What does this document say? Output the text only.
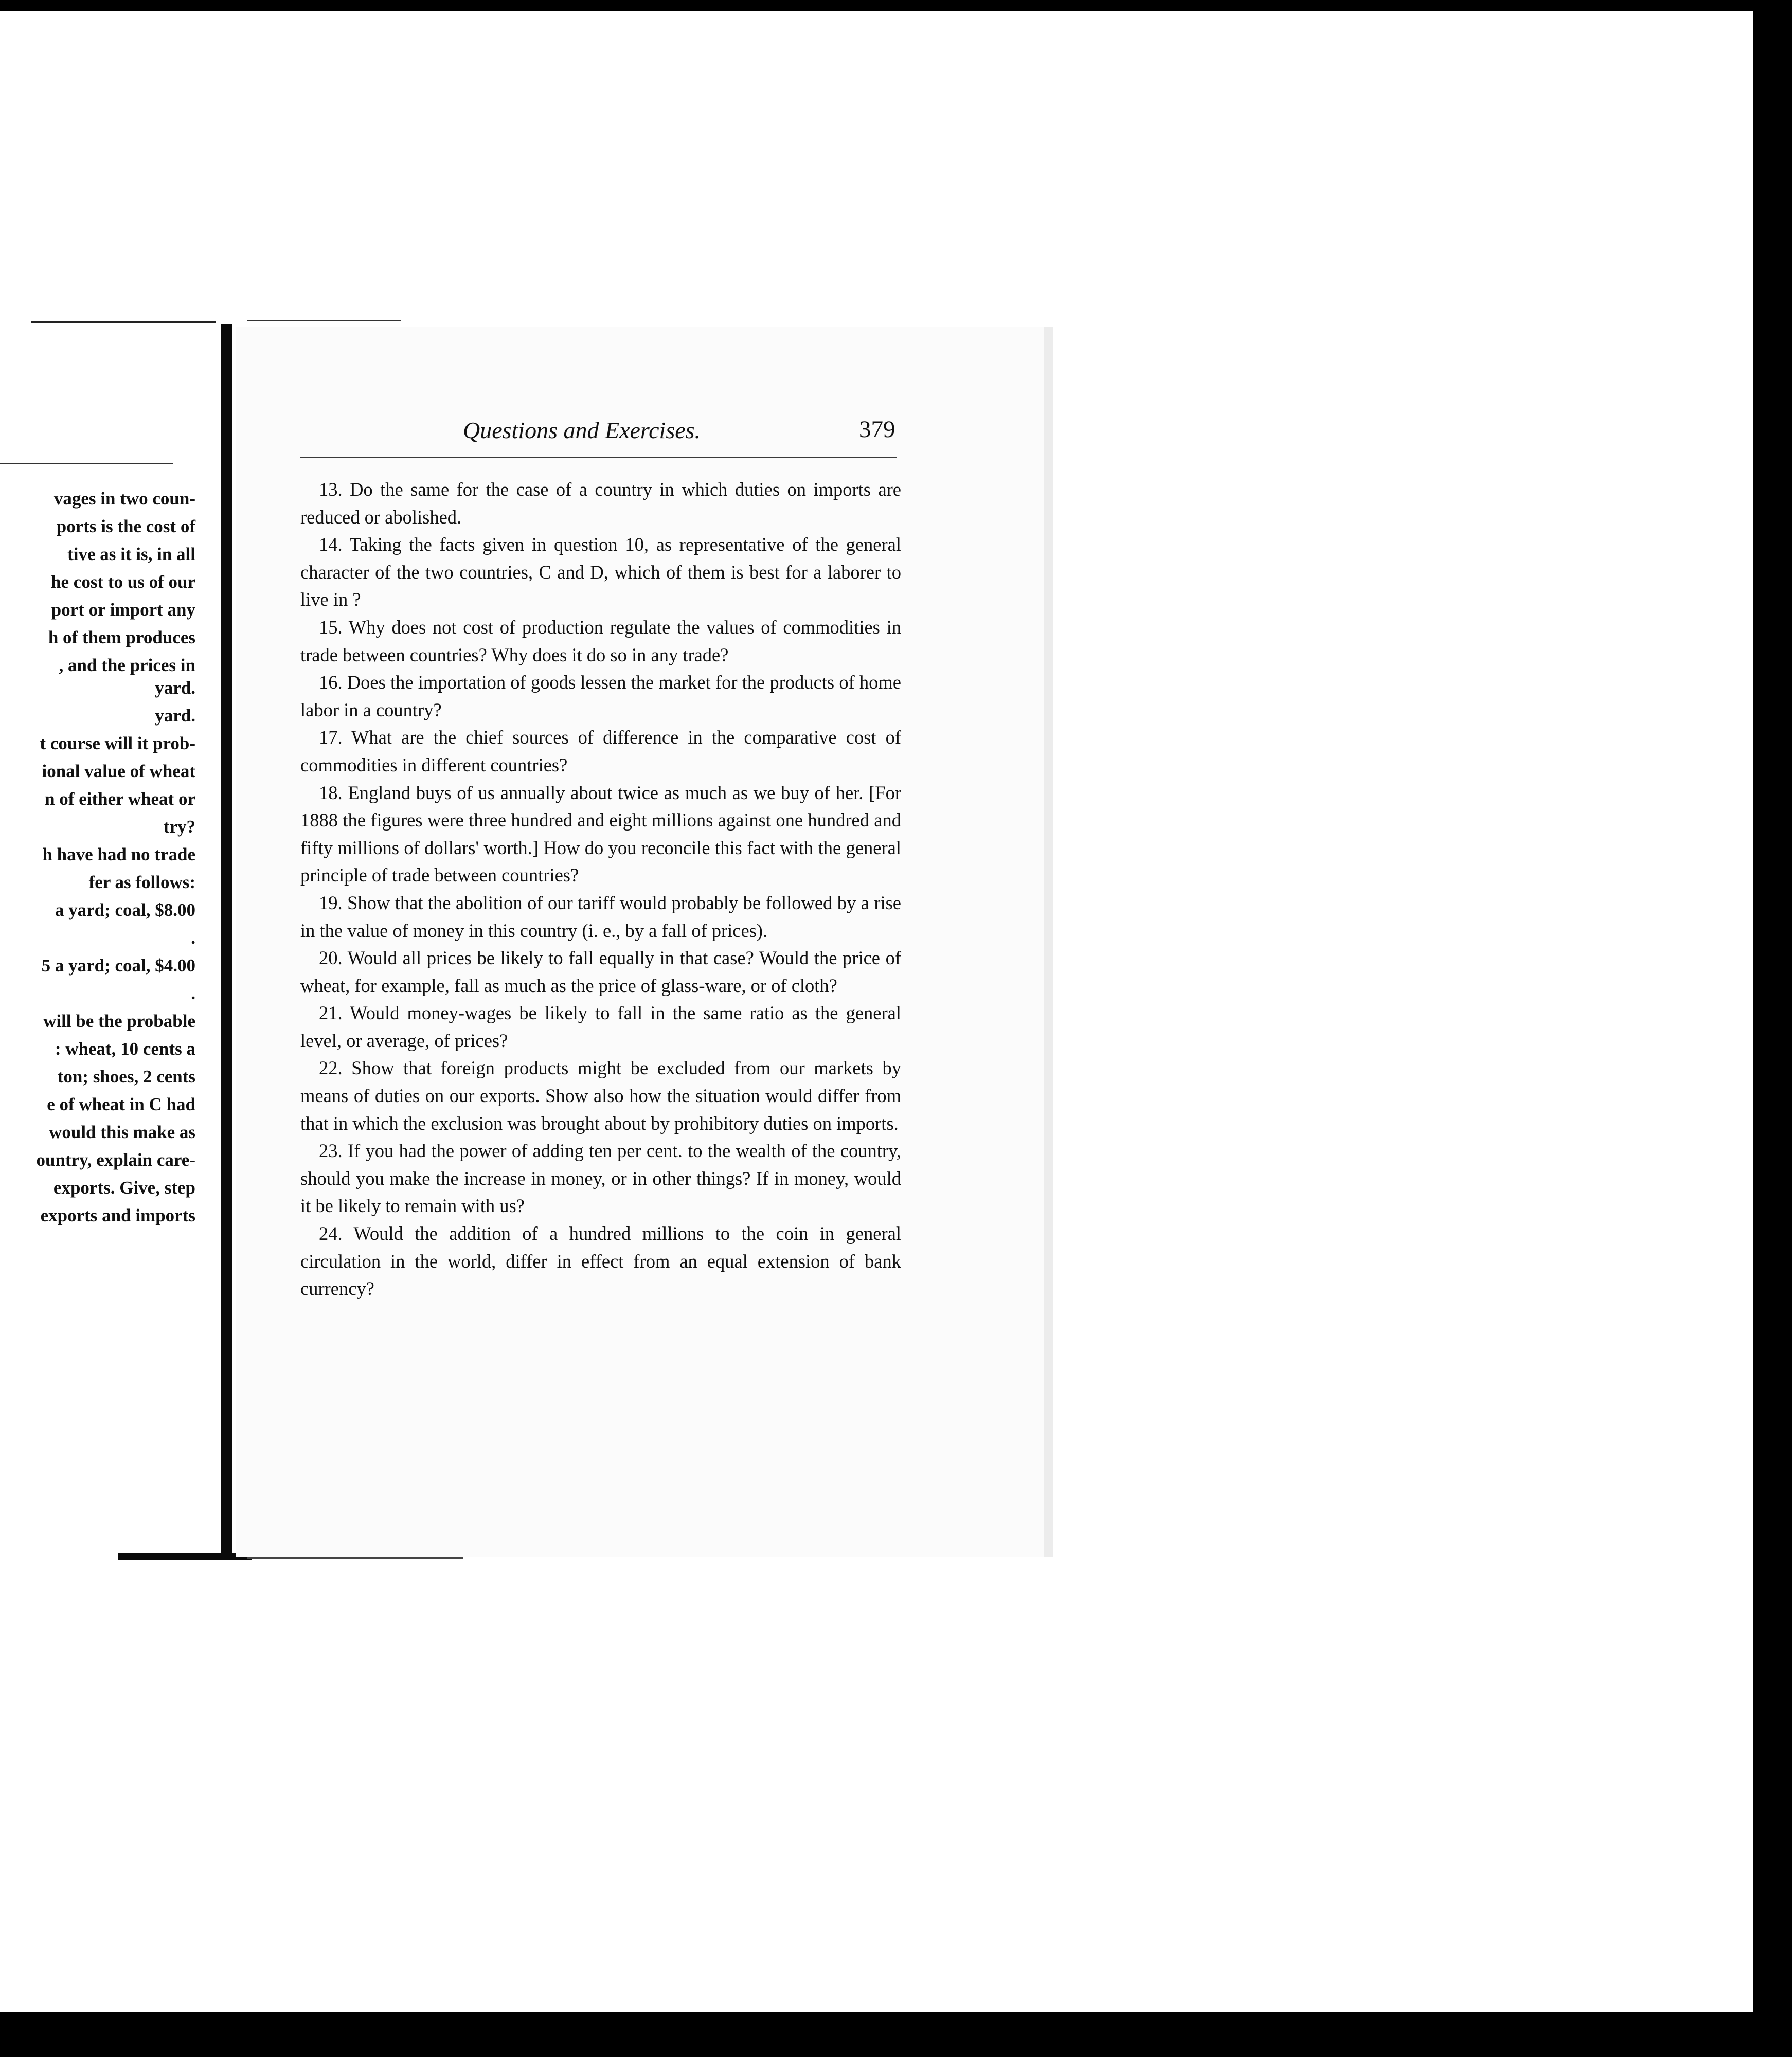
vages in two coun-
ports is the cost of
tive as it is, in all
he cost to us of our
port or import any
h of them produces
, and the prices in
yard.
yard.
t course will it prob-
ional value of wheat
n of either wheat or
try?
h have had no trade
fer as follows:
a yard; coal, $8.00
.
5 a yard; coal, $4.00
.
will be the probable
: wheat, 10 cents a
ton; shoes, 2 cents
e of wheat in C had
would this make as
ountry, explain care-
exports. Give, step
exports and imports
Questions and Exercises.	379

13. Do the same for the case of a country in which duties on imports are reduced or abolished.

14. Taking the facts given in question 10, as representative of the general character of the two countries, C and D, which of them is best for a laborer to live in ?

15. Why does not cost of production regulate the values of commodities in trade between countries? Why does it do so in any trade?

16. Does the importation of goods lessen the market for the products of home labor in a country?

17. What are the chief sources of difference in the comparative cost of commodities in different countries?

18. England buys of us annually about twice as much as we buy of her. [For 1888 the figures were three hundred and eight millions against one hundred and fifty millions of dollars' worth.] How do you reconcile this fact with the general principle of trade between countries?

19. Show that the abolition of our tariff would probably be followed by a rise in the value of money in this country (i. e., by a fall of prices).

20. Would all prices be likely to fall equally in that case? Would the price of wheat, for example, fall as much as the price of glass-ware, or of cloth?

21. Would money-wages be likely to fall in the same ratio as the general level, or average, of prices?

22. Show that foreign products might be excluded from our markets by means of duties on our exports. Show also how the situation would differ from that in which the exclusion was brought about by prohibitory duties on imports.

23. If you had the power of adding ten per cent. to the wealth of the country, should you make the increase in money, or in other things? If in money, would it be likely to remain with us?

24. Would the addition of a hundred millions to the coin in general circulation in the world, differ in effect from an equal extension of bank currency?
